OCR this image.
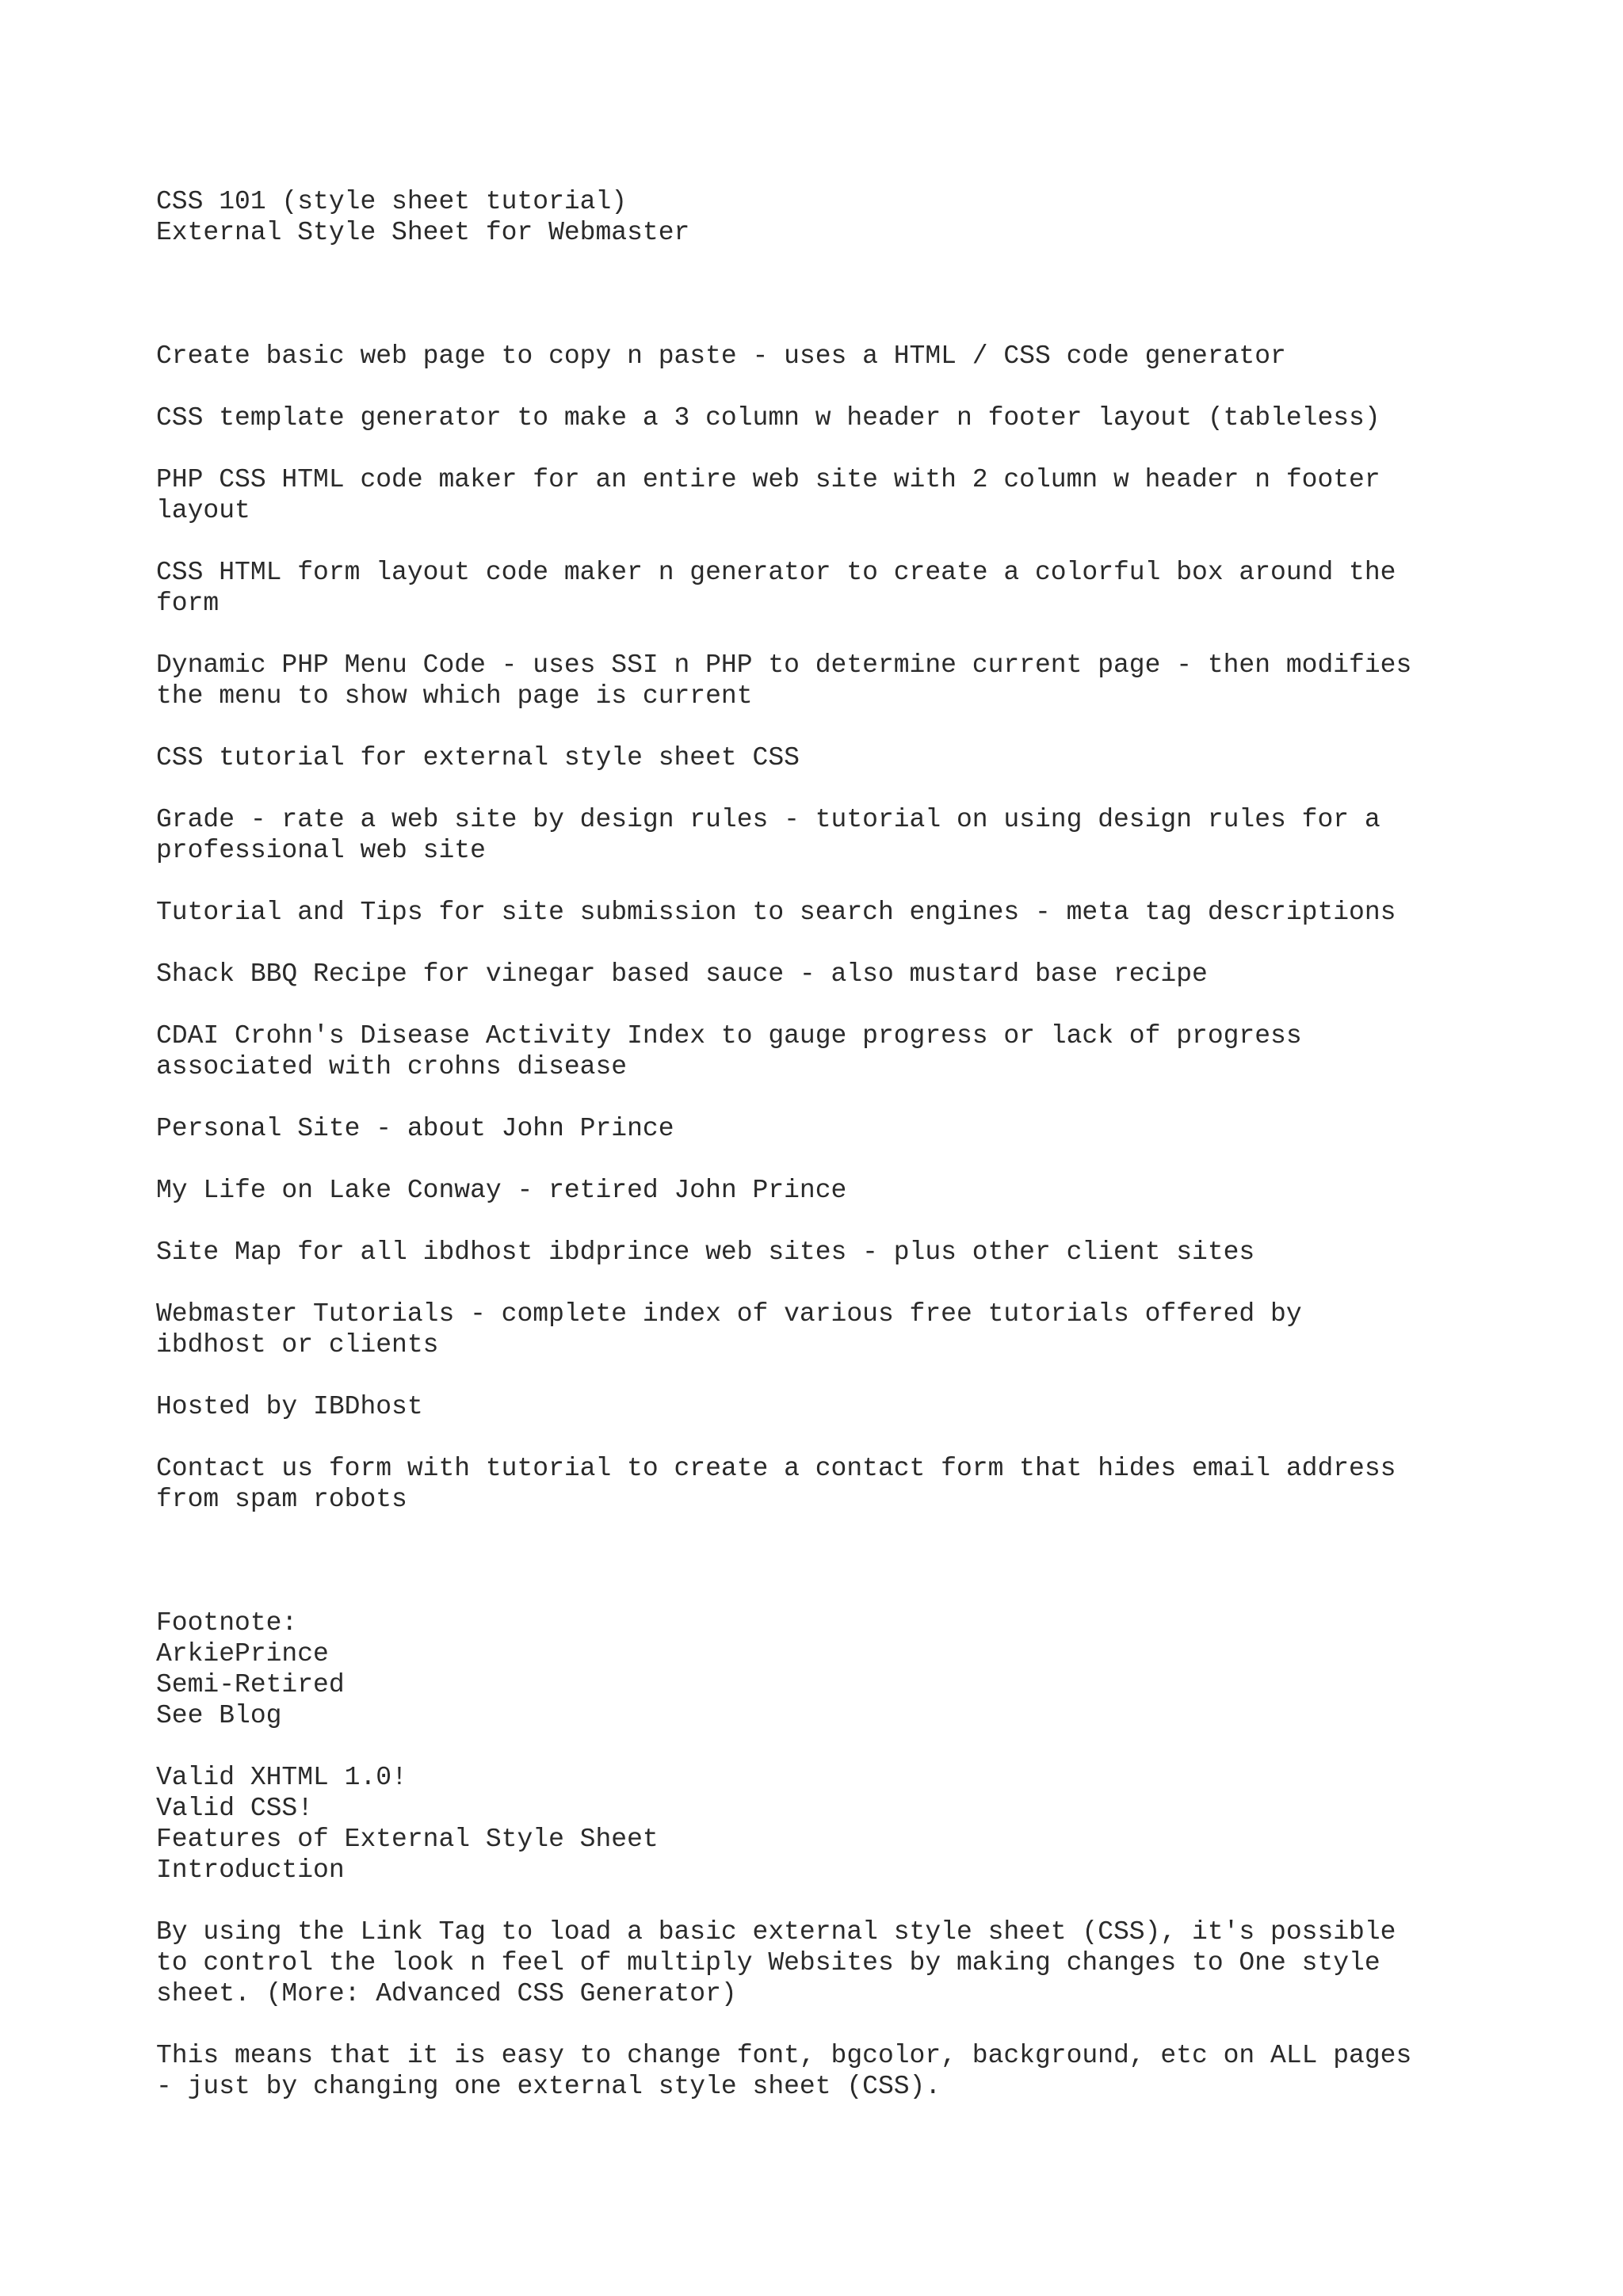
CSS 101 (style sheet tutorial)
External Style Sheet for Webmaster
Create basic web page to copy n paste - uses a HTML / CSS code generator
CSS template generator to make a 3 column w header n footer layout (tableless)
PHP CSS HTML code maker for an entire web site with 2 column w header n footer
layout
CSS HTML form layout code maker n generator to create a colorful box around the
form
Dynamic PHP Menu Code - uses SSI n PHP to determine current page - then modifies
the menu to show which page is current
CSS tutorial for external style sheet CSS
Grade - rate a web site by design rules - tutorial on using design rules for a
professional web site
Tutorial and Tips for site submission to search engines - meta tag descriptions
Shack BBQ Recipe for vinegar based sauce - also mustard base recipe
CDAI Crohn's Disease Activity Index to gauge progress or lack of progress
associated with crohns disease
Personal Site - about John Prince
My Life on Lake Conway - retired John Prince
Site Map for all ibdhost ibdprince web sites - plus other client sites
Webmaster Tutorials - complete index of various free tutorials offered by
ibdhost or clients
Hosted by IBDhost
Contact us form with tutorial to create a contact form that hides email address
from spam robots
Footnote:
ArkiePrince
Semi-Retired
See Blog
Valid XHTML 1.0!
Valid CSS!
Features of External Style Sheet
Introduction
By using the Link Tag to load a basic external style sheet (CSS), it's possible
to control the look n feel of multiply Websites by making changes to One style
sheet. (More: Advanced CSS Generator)
This means that it is easy to change font, bgcolor, background, etc on ALL pages
- just by changing one external style sheet (CSS).
